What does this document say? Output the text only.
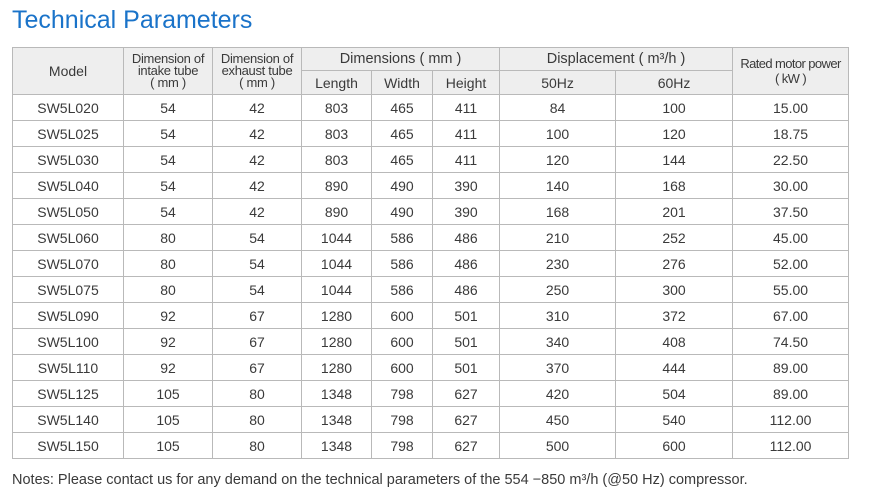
Technical Parameters
Model	Dimension of
intake tube
( mm )	Dimension of
exhaust tube
( mm )	Dimensions ( mm )			Displacement ( m³/h )		Rated motor power
( kW )

			Length	Width	Height	50Hz	60Hz	
SW5L020	54	42	803	465	411	84	100	15.00
SW5L025	54	42	803	465	411	100	120	18.75
SW5L030	54	42	803	465	411	120	144	22.50
SW5L040	54	42	890	490	390	140	168	30.00
SW5L050	54	42	890	490	390	168	201	37.50
SW5L060	80	54	1044	586	486	210	252	45.00
SW5L070	80	54	1044	586	486	230	276	52.00
SW5L075	80	54	1044	586	486	250	300	55.00
SW5L090	92	67	1280	600	501	310	372	67.00
SW5L100	92	67	1280	600	501	340	408	74.50
SW5L110	92	67	1280	600	501	370	444	89.00
SW5L125	105	80	1348	798	627	420	504	89.00
SW5L140	105	80	1348	798	627	450	540	112.00
SW5L150	105	80	1348	798	627	500	600	112.00
Notes: Please contact us for any demand on the technical parameters of the 554 −850 m³/h (@50 Hz) compressor.
